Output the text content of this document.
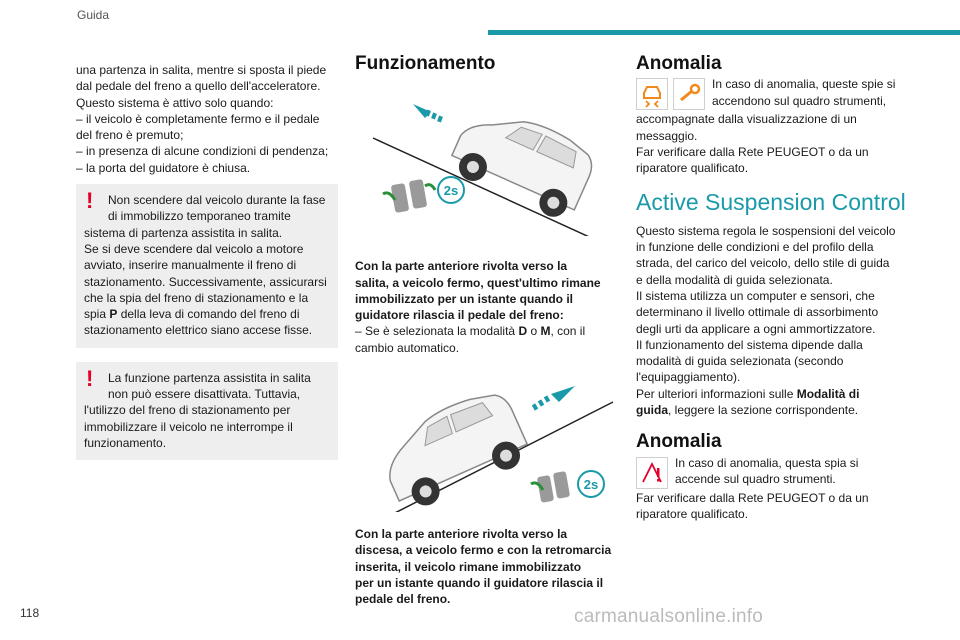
Guida

una partenza in salita, mentre si sposta il piede

dal pedale del freno a quello dell'acceleratore.

Questo sistema è attivo solo quando:

– il veicolo è completamente fermo e il pedale

del freno è premuto;

– in presenza di alcune condizioni di pendenza;

– la porta del guidatore è chiusa.

!	Non scendere dal veicolo durante la fase
di immobilizzo temporaneo tramite

sistema di partenza assistita in salita.

Se si deve scendere dal veicolo a motore

avviato, inserire manualmente il freno di

stazionamento. Successivamente, assicurarsi

che la spia del freno di stazionamento e la

spia P della leva di comando del freno di

stazionamento elettrico siano accese fisse.

!	La funzione partenza assistita in salita
non può essere disattivata. Tuttavia,

l'utilizzo del freno di stazionamento per

immobilizzare il veicolo ne interrompe il

funzionamento.

Funzionamento
2s

Con la parte anteriore rivolta verso la

salita, a veicolo fermo, quest'ultimo rimane

immobilizzato per un istante quando il

guidatore rilascia il pedale del freno:

– Se è selezionata la modalità D o M, con il

cambio automatico.

2s

Con la parte anteriore rivolta verso la

discesa, a veicolo fermo e con la retromarcia

inserita, il veicolo rimane immobilizzato

per un istante quando il guidatore rilascia il

pedale del freno.

Anomalia

In caso di anomalia, queste spie si

accendono sul quadro strumenti,

accompagnate dalla visualizzazione di un

messaggio.

Far verificare dalla Rete PEUGEOT o da un

riparatore qualificato.

Active Suspension Control

Questo sistema regola le sospensioni del veicolo

in funzione delle condizioni e del profilo della

strada, del carico del veicolo, dello stile di guida

e della modalità di guida selezionata.

Il sistema utilizza un computer e sensori, che

determinano il livello ottimale di assorbimento

degli urti da applicare a ogni ammortizzatore.

Il funzionamento del sistema dipende dalla

modalità di guida selezionata (secondo

l'equipaggiamento).

Per ulteriori informazioni sulle Modalità di

guida, leggere la sezione corrispondente.

Anomalia

In caso di anomalia, questa spia si

accende sul quadro strumenti.

Far verificare dalla Rete PEUGEOT o da un

riparatore qualificato.

118	carmanualsonline.info
